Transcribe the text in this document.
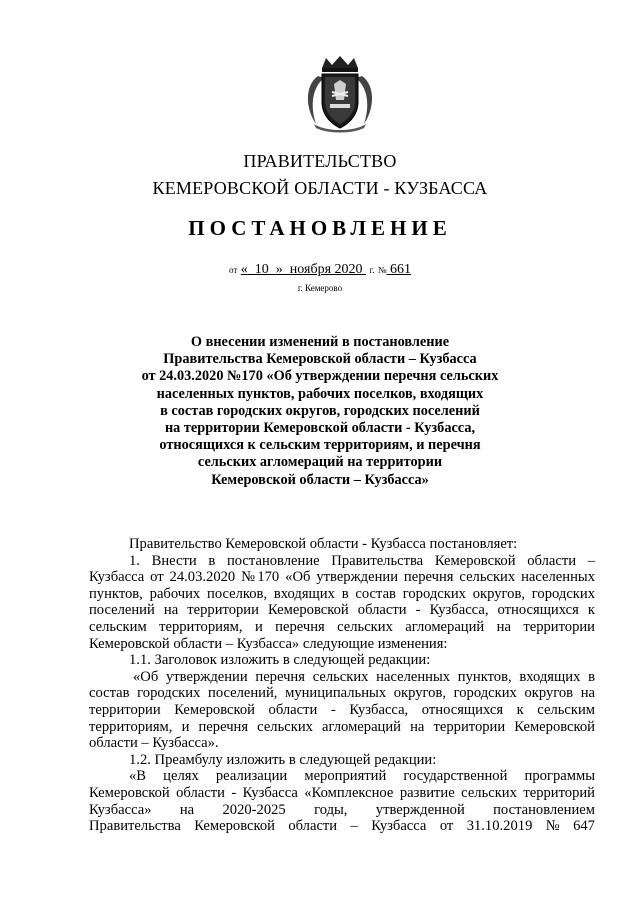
ПРАВИТЕЛЬСТВО
КЕМЕРОВСКОЙ ОБЛАСТИ - КУЗБАССА
ПОСТАНОВЛЕНИЕ
от « 10 » ноября 2020 г. № 661
г. Кемерово
О внесении изменений в постановление
Правительства Кемеровской области – Кузбасса
от 24.03.2020 №170 «Об утверждении перечня сельских
населенных пунктов, рабочих поселков, входящих
в состав городских округов, городских поселений
на территории Кемеровской области - Кузбасса,
относящихся к сельским территориям, и перечня
сельских агломераций на территории
Кемеровской области – Кузбасса»
Правительство Кемеровской области - Кузбасса постановляет:
1. Внести в постановление Правительства Кемеровской области – Кузбасса от 24.03.2020 №170 «Об утверждении перечня сельских населенных пунктов, рабочих поселков, входящих в состав городских округов, городских поселений на территории Кемеровской области - Кузбасса, относящихся к сельским территориям, и перечня сельских агломераций на территории Кемеровской области – Кузбасса» следующие изменения:
1.1. Заголовок изложить в следующей редакции:
«Об утверждении перечня сельских населенных пунктов, входящих в состав городских поселений, муниципальных округов, городских округов на территории Кемеровской области - Кузбасса, относящихся к сельским территориям, и перечня сельских агломераций на территории Кемеровской области – Кузбасса».
1.2. Преамбулу изложить в следующей редакции:
«В целях реализации мероприятий государственной программы Кемеровской области - Кузбасса «Комплексное развитие сельских территорий Кузбасса» на 2020-2025 годы, утвержденной постановлением
Правительства Кемеровской области – Кузбасса от 31.10.2019 № 647
